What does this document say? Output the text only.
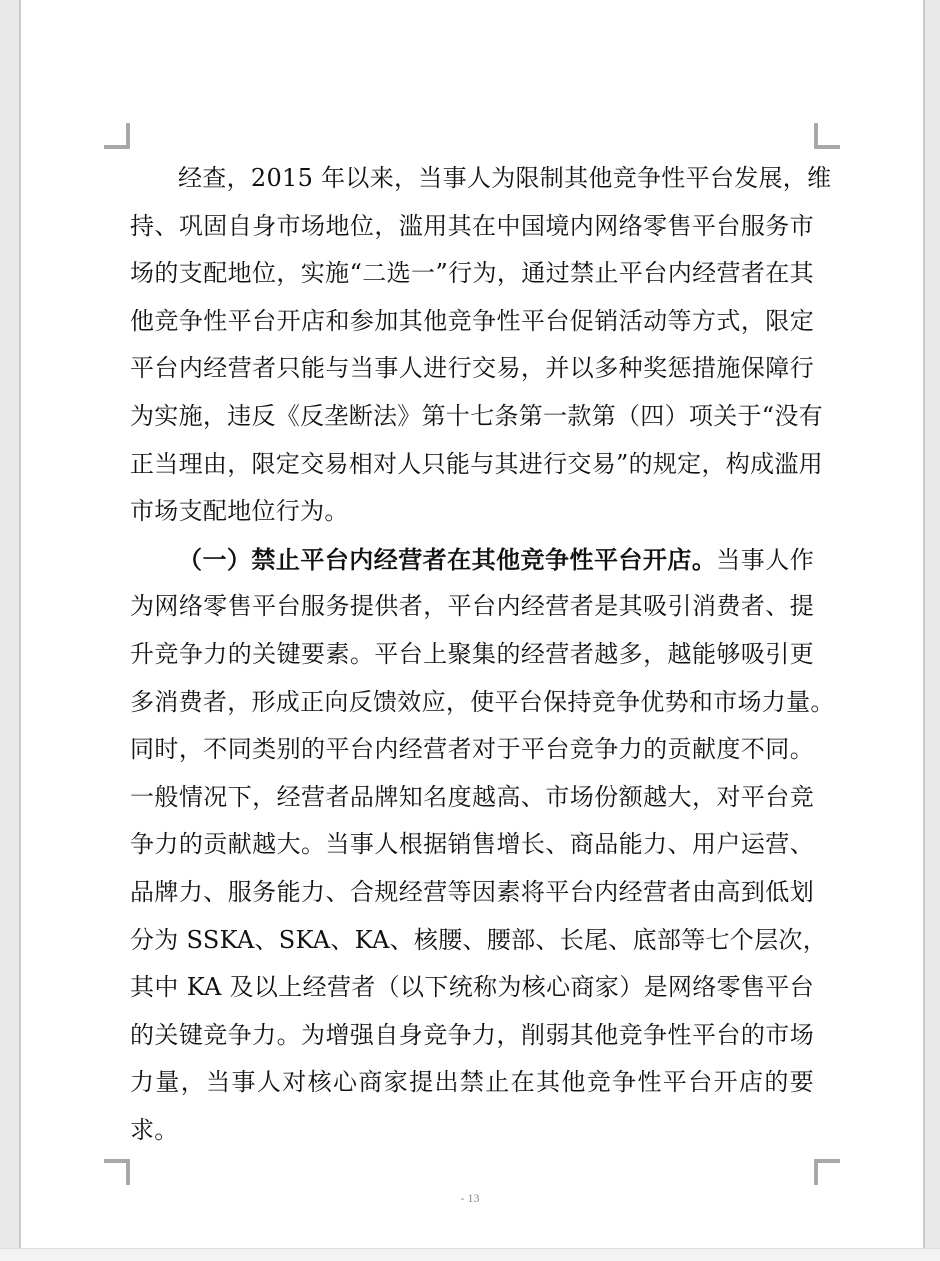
经查，2015 年以来，当事人为限制其他竞争性平台发展，维
持、巩固自身市场地位，滥用其在中国境内网络零售平台服务市
场的支配地位，实施“二选一”行为，通过禁止平台内经营者在其
他竞争性平台开店和参加其他竞争性平台促销活动等方式，限定
平台内经营者只能与当事人进行交易，并以多种奖惩措施保障行
为实施，违反《反垄断法》第十七条第一款第（四）项关于“没有
正当理由，限定交易相对人只能与其进行交易”的规定，构成滥用
市场支配地位行为。
（一）禁止平台内经营者在其他竞争性平台开店。当事人作
为网络零售平台服务提供者，平台内经营者是其吸引消费者、提
升竞争力的关键要素。平台上聚集的经营者越多，越能够吸引更
多消费者，形成正向反馈效应，使平台保持竞争优势和市场力量。
同时，不同类别的平台内经营者对于平台竞争力的贡献度不同。
一般情况下，经营者品牌知名度越高、市场份额越大，对平台竞
争力的贡献越大。当事人根据销售增长、商品能力、用户运营、
品牌力、服务能力、合规经营等因素将平台内经营者由高到低划
分为 SSKA、SKA、KA、核腰、腰部、长尾、底部等七个层次，
其中 KA 及以上经营者（以下统称为核心商家）是网络零售平台
的关键竞争力。为增强自身竞争力，削弱其他竞争性平台的市场
力量，当事人对核心商家提出禁止在其他竞争性平台开店的要
求。
- 13
